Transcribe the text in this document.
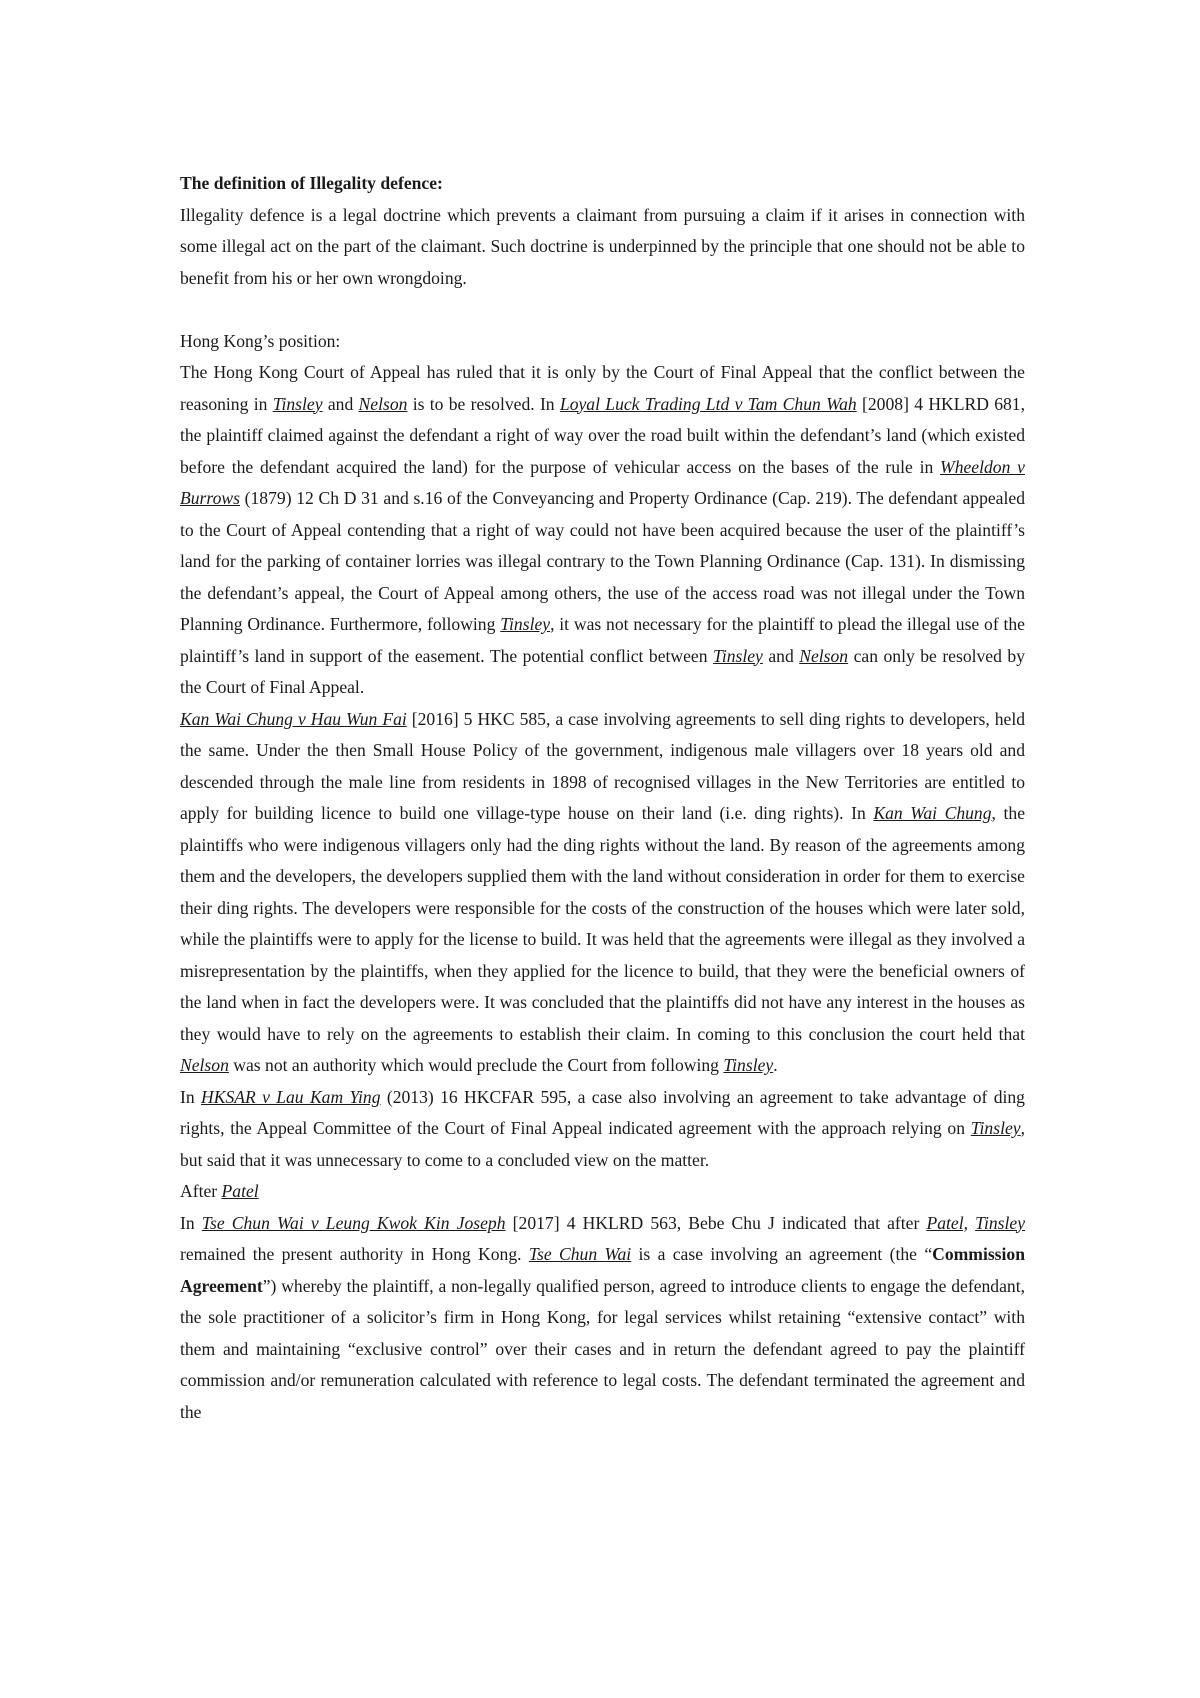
The definition of Illegality defence:

Illegality defence is a legal doctrine which prevents a claimant from pursuing a claim if it arises in connection with some illegal act on the part of the claimant. Such doctrine is underpinned by the principle that one should not be able to benefit from his or her own wrongdoing.

Hong Kong’s position:

The Hong Kong Court of Appeal has ruled that it is only by the Court of Final Appeal that the conflict between the reasoning in Tinsley and Nelson is to be resolved. In Loyal Luck Trading Ltd v Tam Chun Wah [2008] 4 HKLRD 681, the plaintiff claimed against the defendant a right of way over the road built within the defendant’s land (which existed before the defendant acquired the land) for the purpose of vehicular access on the bases of the rule in Wheeldon v Burrows (1879) 12 Ch D 31 and s.16 of the Conveyancing and Property Ordinance (Cap. 219). The defendant appealed to the Court of Appeal contending that a right of way could not have been acquired because the user of the plaintiff’s land for the parking of container lorries was illegal contrary to the Town Planning Ordinance (Cap. 131). In dismissing the defendant’s appeal, the Court of Appeal among others, the use of the access road was not illegal under the Town Planning Ordinance. Furthermore, following Tinsley, it was not necessary for the plaintiff to plead the illegal use of the plaintiff’s land in support of the easement. The potential conflict between Tinsley and Nelson can only be resolved by the Court of Final Appeal.

Kan Wai Chung v Hau Wun Fai [2016] 5 HKC 585, a case involving agreements to sell ding rights to developers, held the same. Under the then Small House Policy of the government, indigenous male villagers over 18 years old and descended through the male line from residents in 1898 of recognised villages in the New Territories are entitled to apply for building licence to build one village-type house on their land (i.e. ding rights). In Kan Wai Chung, the plaintiffs who were indigenous villagers only had the ding rights without the land. By reason of the agreements among them and the developers, the developers supplied them with the land without consideration in order for them to exercise their ding rights. The developers were responsible for the costs of the construction of the houses which were later sold, while the plaintiffs were to apply for the license to build. It was held that the agreements were illegal as they involved a misrepresentation by the plaintiffs, when they applied for the licence to build, that they were the beneficial owners of the land when in fact the developers were. It was concluded that the plaintiffs did not have any interest in the houses as they would have to rely on the agreements to establish their claim. In coming to this conclusion the court held that Nelson was not an authority which would preclude the Court from following Tinsley.

In HKSAR v Lau Kam Ying (2013) 16 HKCFAR 595, a case also involving an agreement to take advantage of ding rights, the Appeal Committee of the Court of Final Appeal indicated agreement with the approach relying on Tinsley, but said that it was unnecessary to come to a concluded view on the matter.

After Patel

In Tse Chun Wai v Leung Kwok Kin Joseph [2017] 4 HKLRD 563, Bebe Chu J indicated that after Patel, Tinsley remained the present authority in Hong Kong. Tse Chun Wai is a case involving an agreement (the “Commission Agreement”) whereby the plaintiff, a non-legally qualified person, agreed to introduce clients to engage the defendant, the sole practitioner of a solicitor’s firm in Hong Kong, for legal services whilst retaining “extensive contact” with them and maintaining “exclusive control” over their cases and in return the defendant agreed to pay the plaintiff commission and/or remuneration calculated with reference to legal costs. The defendant terminated the agreement and the
